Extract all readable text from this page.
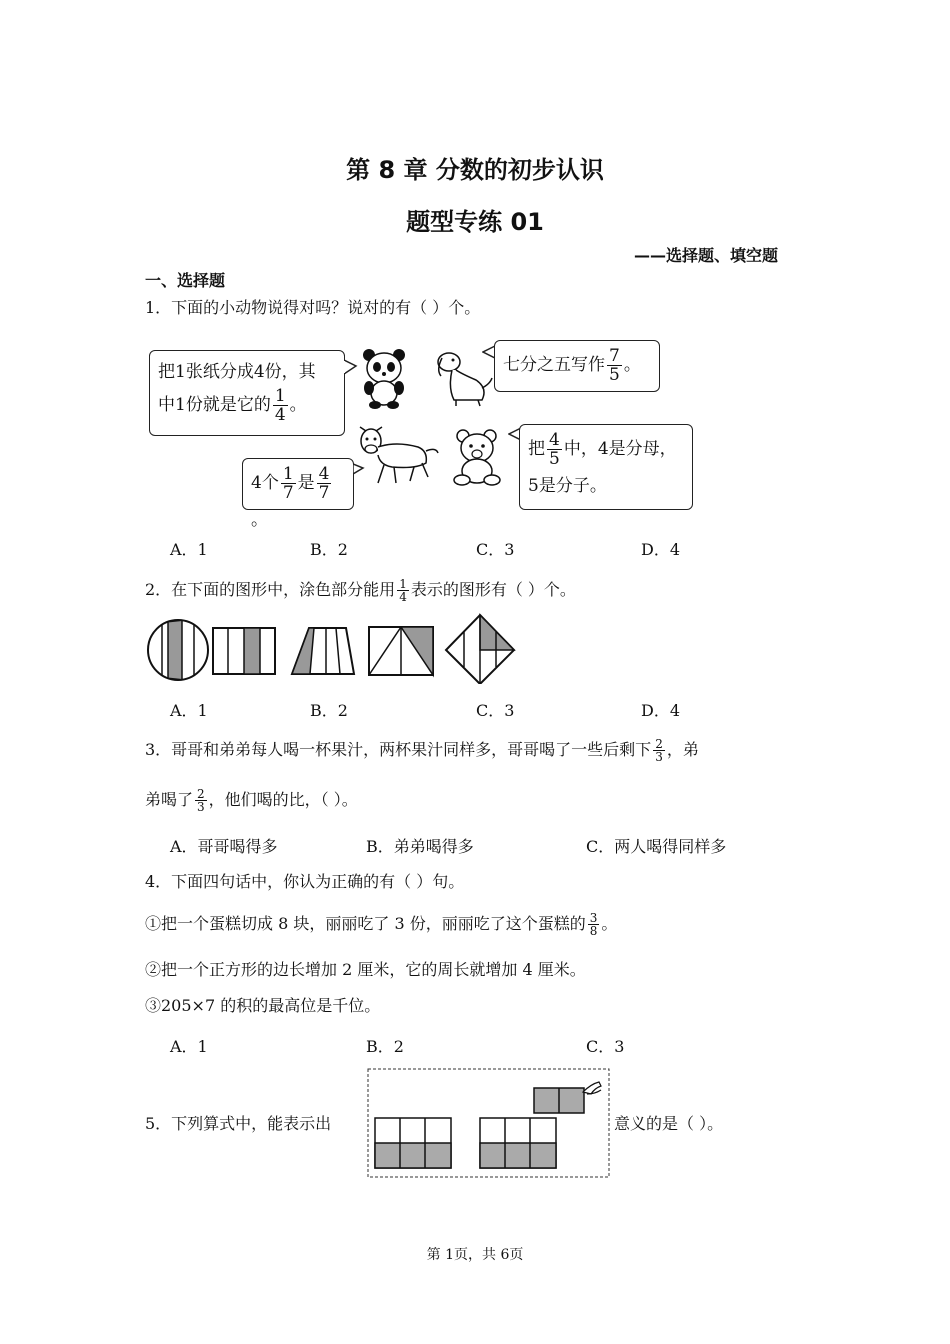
第 8 章 分数的初步认识
题型专练 01
——选择题、填空题
一、选择题
1．下面的小动物说得对吗？说对的有（ ）个。
把1张纸分成4份，其
中1份就是它的 $\frac{1}{4}$ 。
七分之五写作 $\frac{7}{5}$ 。
4个 $\frac{1}{7}$ 是 $\frac{4}{7}$
。
把 $\frac{4}{5}$ 中，4是分母，
5是分子。
A．1	B．2	C．3	D．4
2．在下面的图形中，涂色部分能用 $\frac{1}{4}$ 表示的图形有（ ）个。
A．1	B．2	C．3	D．4
3．哥哥和弟弟每人喝一杯果汁，两杯果汁同样多，哥哥喝了一些后剩下 $\frac{2}{3}$ ，弟
弟喝了 $\frac{2}{3}$ ，他们喝的比，（ ）。
A．哥哥喝得多	B．弟弟喝得多	C．两人喝得同样多
4．下面四句话中，你认为正确的有（ ）句。
①把一个蛋糕切成 8 块，丽丽吃了 3 份，丽丽吃了这个蛋糕的 $\frac{3}{8}$ 。
②把一个正方形的边长增加 2 厘米，它的周长就增加 4 厘米。
③205×7 的积的最高位是千位。
A．1	B．2	C．3
5．下列算式中，能表示出	意义的是（ ）。
第 1页，共 6页
